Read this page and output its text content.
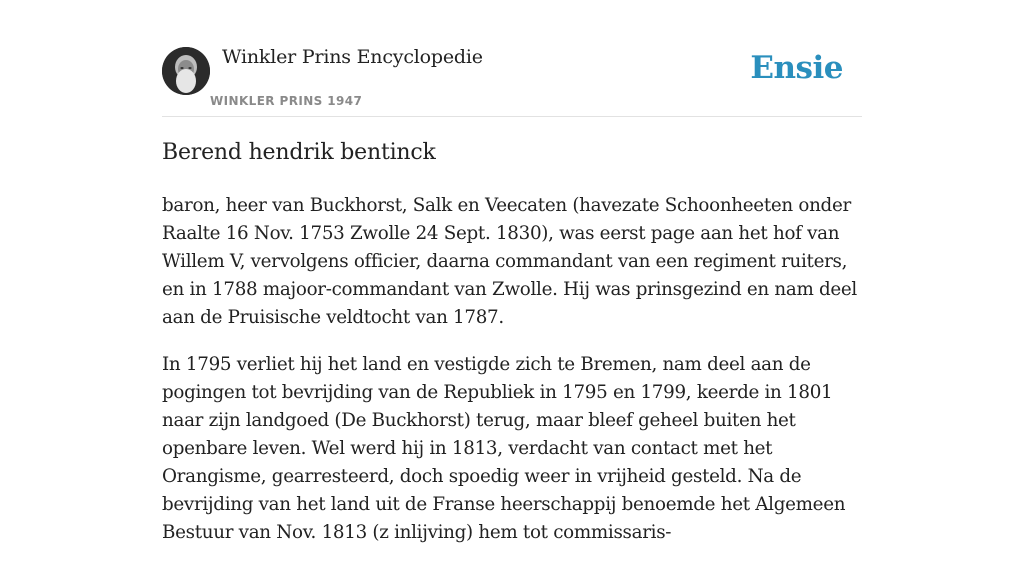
Winkler Prins Encyclopedie
WINKLER PRINS 1947
Ensie
Berend hendrik bentinck

baron, heer van Buckhorst, Salk en Veecaten (havezate Schoonheeten onder Raalte 16 Nov. 1753 Zwolle 24 Sept. 1830), was eerst page aan het hof van Willem V, vervolgens officier, daarna commandant van een regiment ruiters, en in 1788 majoor-commandant van Zwolle. Hij was prinsgezind en nam deel aan de Pruisische veldtocht van 1787.

In 1795 verliet hij het land en vestigde zich te Bremen, nam deel aan de pogingen tot bevrijding van de Republiek in 1795 en 1799, keerde in 1801 naar zijn landgoed (De Buckhorst) terug, maar bleef geheel buiten het openbare leven. Wel werd hij in 1813, verdacht van contact met het Orangisme, gearresteerd, doch spoedig weer in vrijheid gesteld. Na de bevrijding van het land uit de Franse heerschappij benoemde het Algemeen Bestuur van Nov. 1813 (z inlijving) hem tot commissaris-
